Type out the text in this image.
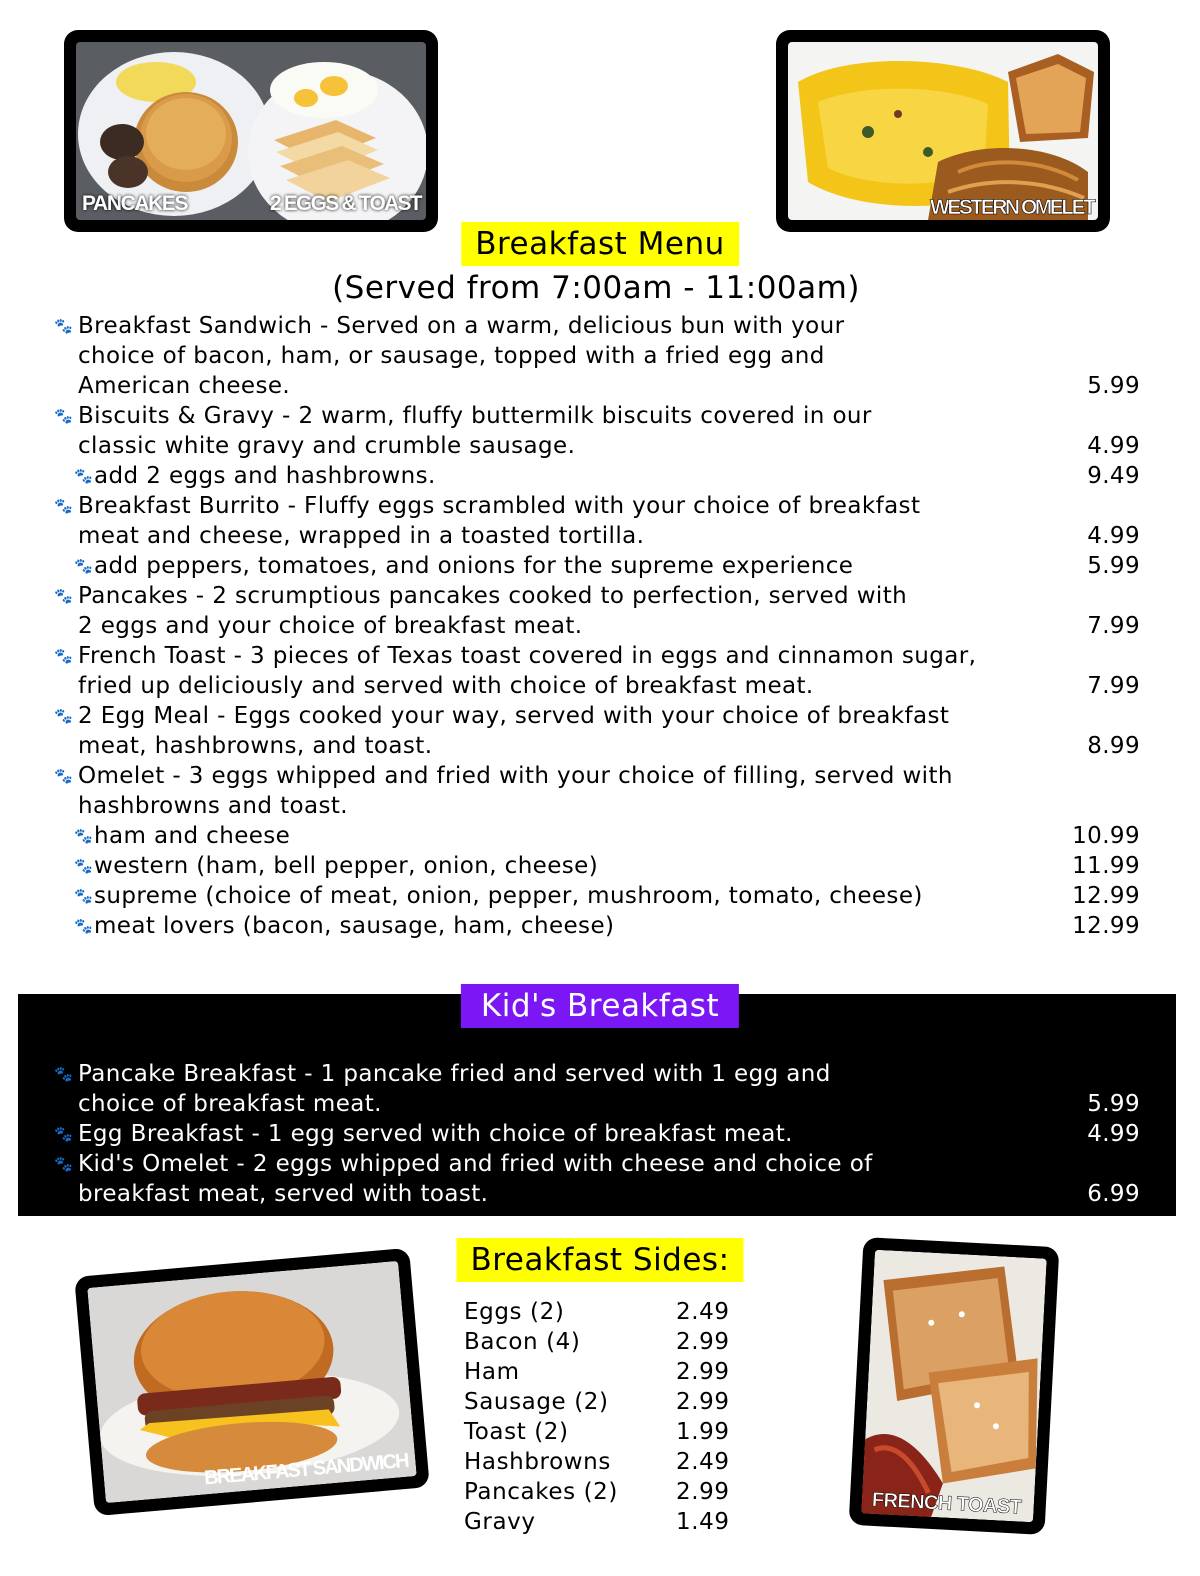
PANCAKES	2 EGGS & TOAST	WESTERN OMELET
Breakfast Menu
(Served from 7:00am - 11:00am)
🐾 Breakfast Sandwich - Served on a warm, delicious bun with your
choice of bacon, ham, or sausage, topped with a fried egg and
American cheese.	5.99
🐾 Biscuits & Gravy - 2 warm, fluffy buttermilk biscuits covered in our
classic white gravy and crumble sausage.	4.99
🐾add 2 eggs and hashbrowns.	9.49
🐾 Breakfast Burrito - Fluffy eggs scrambled with your choice of breakfast
meat and cheese, wrapped in a toasted tortilla.	4.99
🐾add peppers, tomatoes, and onions for the supreme experience	5.99
🐾 Pancakes - 2 scrumptious pancakes cooked to perfection, served with
2 eggs and your choice of breakfast meat.	7.99
🐾 French Toast - 3 pieces of Texas toast covered in eggs and cinnamon sugar,
fried up deliciously and served with choice of breakfast meat.	7.99
🐾 2 Egg Meal - Eggs cooked your way, served with your choice of breakfast
meat, hashbrowns, and toast.	8.99
🐾 Omelet - 3 eggs whipped and fried with your choice of filling, served with
hashbrowns and toast.
🐾ham and cheese	10.99
🐾western (ham, bell pepper, onion, cheese)	11.99
🐾supreme (choice of meat, onion, pepper, mushroom, tomato, cheese)	12.99
🐾meat lovers (bacon, sausage, ham, cheese)	12.99
Kid's Breakfast
🐾 Pancake Breakfast - 1 pancake fried and served with 1 egg and
choice of breakfast meat.	5.99
🐾 Egg Breakfast - 1 egg served with choice of breakfast meat.	4.99
🐾 Kid's Omelet - 2 eggs whipped and fried with cheese and choice of
breakfast meat, served with toast.	6.99
Breakfast Sides:
Eggs (2)	2.49
Bacon (4)	2.99
Ham	2.99
Sausage (2)	2.99
Toast (2)	1.99
Hashbrowns	2.49
Pancakes (2)	2.99
Gravy	1.49
BREAKFAST SANDWICH
FRENCH TOAST
